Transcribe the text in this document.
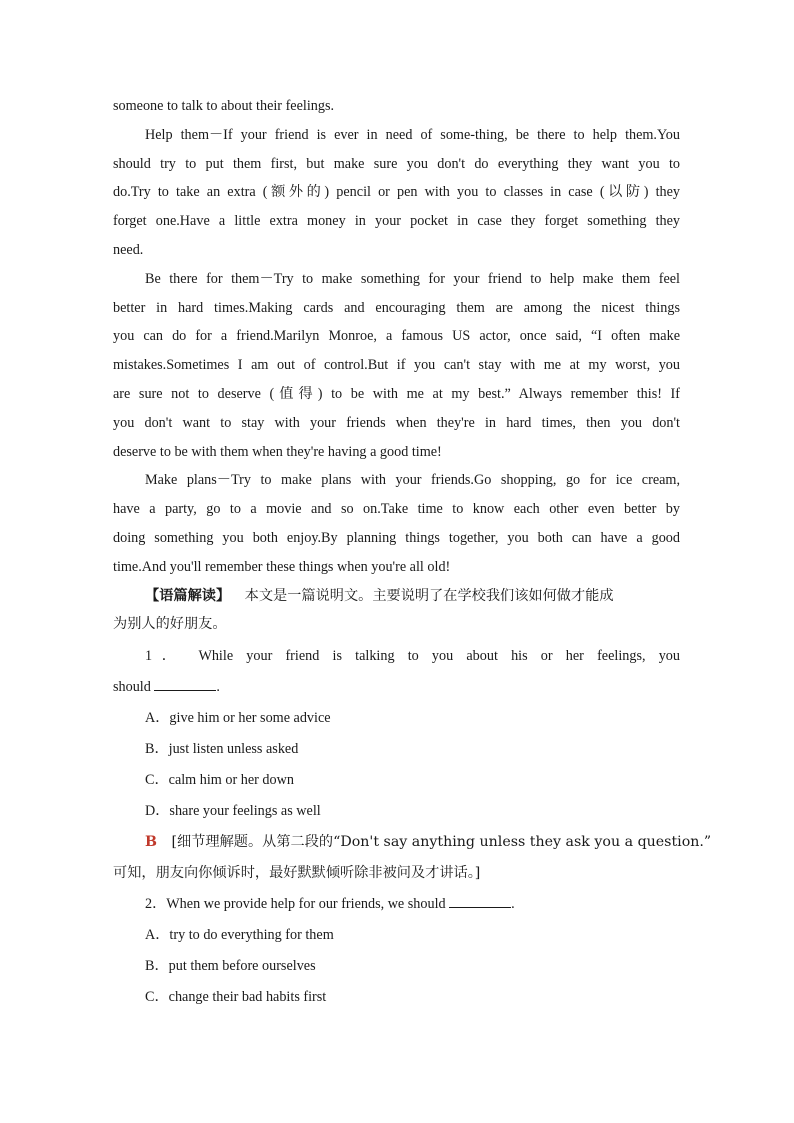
someone to talk to about their feelings.
Help them－If your friend is ever in need of some-thing, be there to help them.You
should try to put them first, but make sure you don't do everything they want you to
do.Try to take an extra (额外的) pencil or pen with you to classes in case (以防) they
forget one.Have a little extra money in your pocket in case they forget something they
need.
Be there for them－Try to make something for your friend to help make them feel
better in hard times.Making cards and encouraging them are among the nicest things
you can do for a friend.Marilyn Monroe, a famous US actor, once said, “I often make
mistakes.Sometimes I am out of control.But if you can't stay with me at my worst, you
are sure not to deserve (值得) to be with me at my best.” Always remember this! If
you don't want to stay with your friends when they're in hard times, then you don't
deserve to be with them when they're having a good time!
Make plans－Try to make plans with your friends.Go shopping, go for ice cream,
have a party, go to a movie and so on.Take time to know each other even better by
doing something you both enjoy.By planning things together, you both can have a good
time.And you'll remember these things when you're all old!
【语篇解读】 本文是一篇说明文。主要说明了在学校我们该如何做才能成
为别人的好朋友。
1． While your friend is talking to you about his or her feelings, you
should	.
A．give him or her some advice
B．just listen unless asked
C．calm him or her down
D．share your feelings as well
B [细节理解题。从第二段的“Don't say anything unless they ask you a question.”
可知，朋友向你倾诉时，最好默默倾听除非被问及才讲话。]
2．When we provide help for our friends, we should	.
A．try to do everything for them
B．put them before ourselves
C．change their bad habits first
